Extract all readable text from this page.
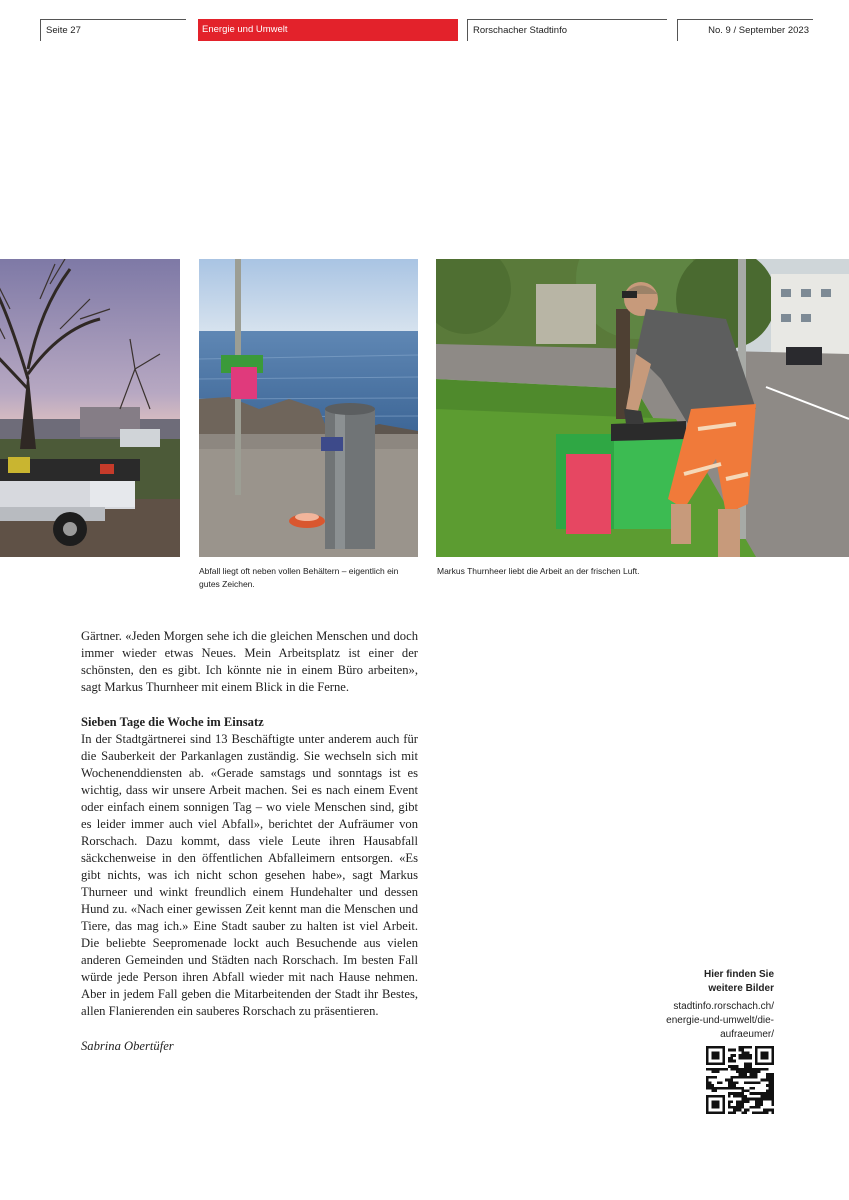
Seite 27	Energie und Umwelt	Rorschacher Stadtinfo	No. 9 / September 2023
Abfall liegt oft neben vollen Behältern – eigentlich ein gutes Zeichen.
Markus Thurnheer liebt die Arbeit an der frischen Luft.

Gärtner. «Jeden Morgen sehe ich die gleichen Menschen und doch immer wieder etwas Neues. Mein Arbeitsplatz ist einer der schönsten, den es gibt. Ich könnte nie in einem Büro arbeiten», sagt Markus Thurnheer mit einem Blick in die Ferne.

Sieben Tage die Woche im Einsatz

In der Stadtgärtnerei sind 13 Beschäftigte unter anderem auch für die Sauberkeit der Parkanlagen zuständig. Sie wechseln sich mit Wochenenddiensten ab. «Gerade samstags und sonntags ist es wichtig, dass wir unsere Arbeit machen. Sei es nach einem Event oder einfach einem sonnigen Tag – wo viele Menschen sind, gibt es leider immer auch viel Abfall», berichtet der Aufräumer von Rorschach. Dazu kommt, dass viele Leute ihren Hausabfall säckchenweise in den öffentlichen Abfalleimern entsorgen. «Es gibt nichts, was ich nicht schon gesehen habe», sagt Markus Thurneer und winkt freundlich einem Hundehalter und dessen Hund zu. «Nach einer gewissen Zeit kennt man die Menschen und Tiere, das mag ich.» Eine Stadt sauber zu halten ist viel Arbeit. Die beliebte Seepromenade lockt auch Besuchende aus vielen anderen Gemeinden und Städten nach Rorschach. Im besten Fall würde jede Person ihren Abfall wieder mit nach Hause nehmen. Aber in jedem Fall geben die Mitarbeitenden der Stadt ihr Bestes, allen Flanierenden ein sauberes Rorschach zu präsentieren.

Sabrina Obertüfer

Hier finden Sie
weitere Bilder
stadtinfo.rorschach.ch/
energie-und-umwelt/die-
aufraeumer/
